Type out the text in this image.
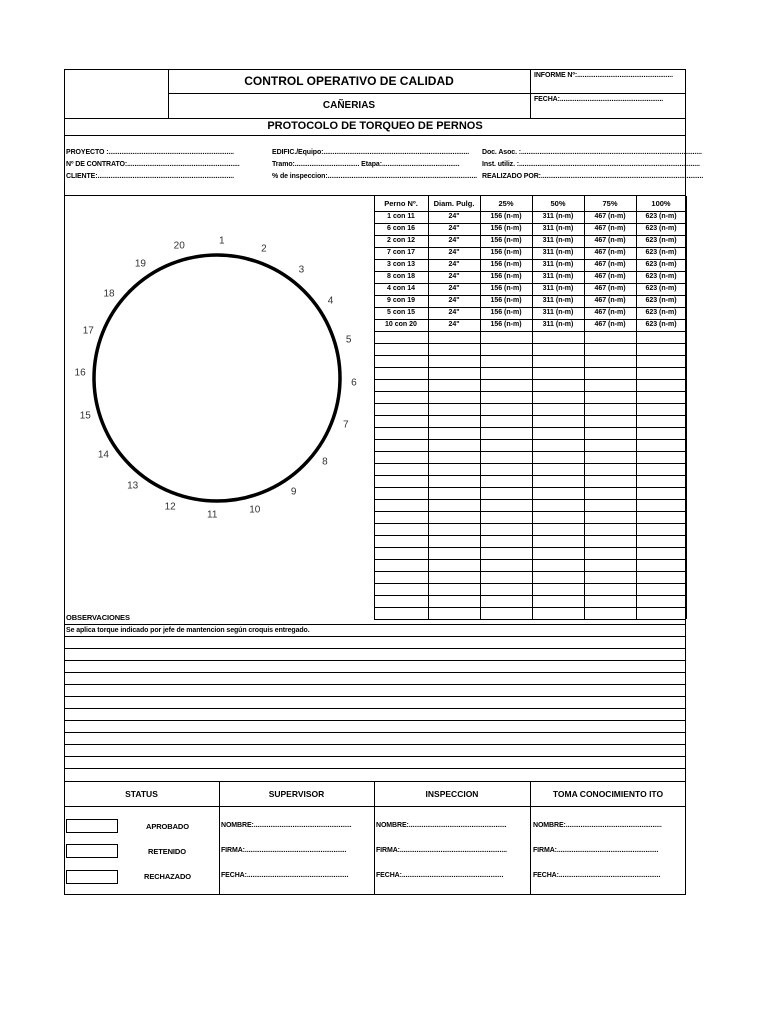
CONTROL OPERATIVO DE CALIDAD
CAÑERIAS
INFORME Nº:....................................................
FECHA:........................................................
PROTOCOLO DE TORQUEO DE PERNOS
PROYECTO :....................................................................
Nº DE CONTRATO:.............................................................
CLIENTE:..........................................................................
EDIFIC./Equipo:...............................................................................
Tramo:................................... Etapa:..........................................
% de inspeccion:.................................................................................
Doc. Asoc. :..................................................................................................
Inst. utiliz. :..................................................................................................
REALIZADO POR:........................................................................................
1
2
3
4
5
6
7
8
9
10
11
12
13
14
15
16
17
18
19
20
Perno Nº.	Diam. Pulg.	25%	50%	75%	100%
1 con 11	24"	156 (n-m)	311 (n-m)	467 (n-m)	623 (n-m)
6 con 16	24"	156 (n-m)	311 (n-m)	467 (n-m)	623 (n-m)
2 con 12	24"	156 (n-m)	311 (n-m)	467 (n-m)	623 (n-m)
7 con 17	24"	156 (n-m)	311 (n-m)	467 (n-m)	623 (n-m)
3 con 13	24"	156 (n-m)	311 (n-m)	467 (n-m)	623 (n-m)
8 con 18	24"	156 (n-m)	311 (n-m)	467 (n-m)	623 (n-m)
4 con 14	24"	156 (n-m)	311 (n-m)	467 (n-m)	623 (n-m)
9 con 19	24"	156 (n-m)	311 (n-m)	467 (n-m)	623 (n-m)
5 con 15	24"	156 (n-m)	311 (n-m)	467 (n-m)	623 (n-m)
10 con 20	24"	156 (n-m)	311 (n-m)	467 (n-m)	623 (n-m)
OBSERVACIONES
Se aplica torque indicado por jefe de mantencion según croquis entregado.
STATUS	SUPERVISOR	INSPECCION	TOMA CONOCIMIENTO ITO
APROBADO
RETENIDO
RECHAZADO
NOMBRE:.....................................................
FIRMA:.......................................................
FECHA:.......................................................
NOMBRE:.....................................................
FIRMA:..........................................................
FECHA:.......................................................
NOMBRE:....................................................
FIRMA:.......................................................
FECHA:.......................................................
